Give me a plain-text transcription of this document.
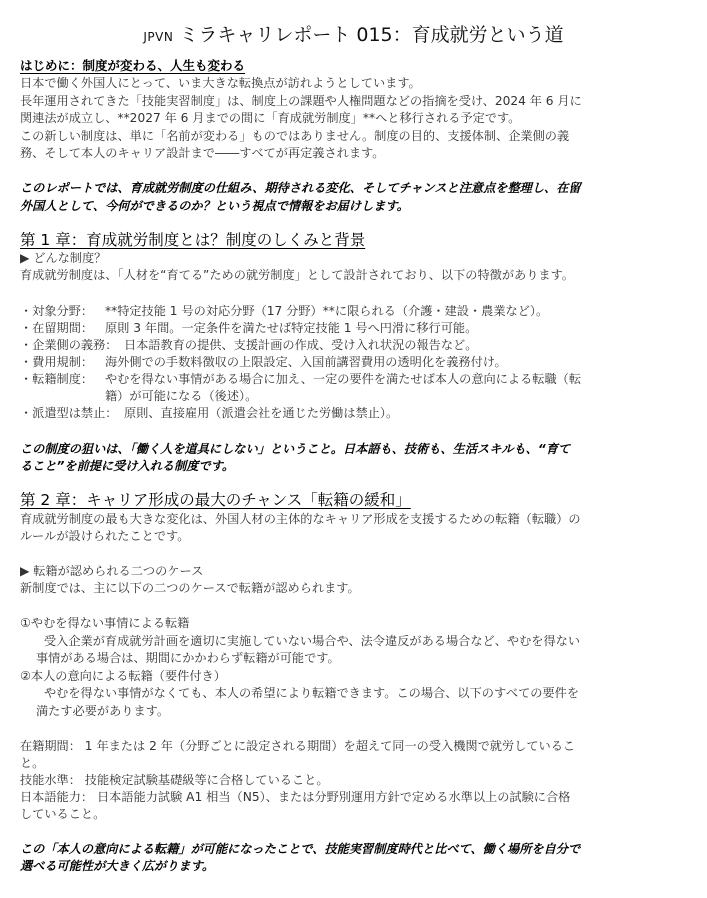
JPVN ミラキャリレポート 015：育成就労という道
はじめに：制度が変わる、人生も変わる
日本で働く外国人にとって、いま大きな転換点が訪れようとしています。
長年運用されてきた「技能実習制度」は、制度上の課題や人権問題などの指摘を受け、2024 年 6 月に
関連法が成立し、**2027 年 6 月までの間に「育成就労制度」**へと移行される予定です。
この新しい制度は、単に「名前が変わる」ものではありません。制度の目的、支援体制、企業側の義
務、そして本人のキャリア設計まで――すべてが再定義されます。
このレポートでは、育成就労制度の仕組み、期待される変化、そしてチャンスと注意点を整理し、在留
外国人として、今何ができるのか？という視点で情報をお届けします。
第 1 章：育成就労制度とは？制度のしくみと背景
▶ どんな制度？
育成就労制度は、「人材を“育てる”ための就労制度」として設計されており、以下の特徴があります。
・対象分野： **特定技能 1 号の対応分野（17 分野）**に限られる（介護・建設・農業など）。
・在留期間： 原則 3 年間。一定条件を満たせば特定技能 1 号へ円滑に移行可能。
・企業側の義務： 日本語教育の提供、支援計画の作成、受け入れ状況の報告など。
・費用規制： 海外側での手数料徴収の上限設定、入国前講習費用の透明化を義務付け。
・転籍制度： やむを得ない事情がある場合に加え、一定の要件を満たせば本人の意向による転職（転
籍）が可能になる（後述）。
・派遣型は禁止： 原則、直接雇用（派遣会社を通じた労働は禁止）。
この制度の狙いは、「働く人を道具にしない」ということ。日本語も、技術も、生活スキルも、“育て
ること”を前提に受け入れる制度です。
第 2 章：キャリア形成の最大のチャンス「転籍の緩和」
育成就労制度の最も大きな変化は、外国人材の主体的なキャリア形成を支援するための転籍（転職）の
ルールが設けられたことです。
▶ 転籍が認められる二つのケース
新制度では、主に以下の二つのケースで転籍が認められます。
①やむを得ない事情による転籍
受入企業が育成就労計画を適切に実施していない場合や、法令違反がある場合など、やむを得ない
事情がある場合は、期間にかかわらず転籍が可能です。
②本人の意向による転籍（要件付き）
やむを得ない事情がなくても、本人の希望により転籍できます。この場合、以下のすべての要件を
満たす必要があります。
在籍期間： 1 年または 2 年（分野ごとに設定される期間）を超えて同一の受入機関で就労しているこ
と。
技能水準： 技能検定試験基礎級等に合格していること。
日本語能力： 日本語能力試験 A1 相当（N5）、または分野別運用方針で定める水準以上の試験に合格
していること。
この「本人の意向による転籍」が可能になったことで、技能実習制度時代と比べて、働く場所を自分で
選べる可能性が大きく広がります。
